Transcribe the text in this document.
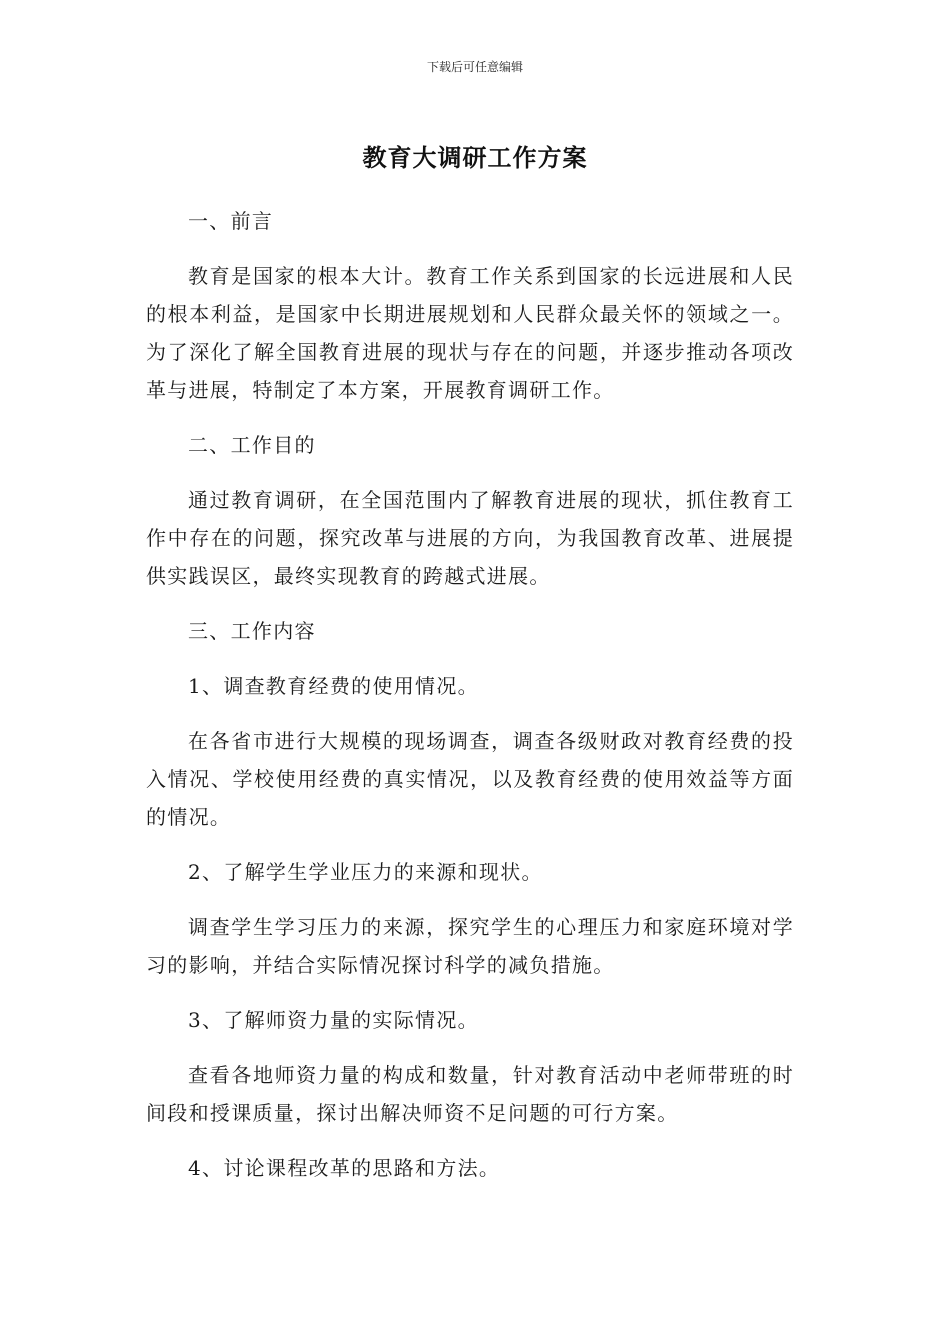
下载后可任意编辑
教育大调研工作方案

一、前言

教育是国家的根本大计。教育工作关系到国家的长远进展和人民的根本利益，是国家中长期进展规划和人民群众最关怀的领域之一。为了深化了解全国教育进展的现状与存在的问题，并逐步推动各项改革与进展，特制定了本方案，开展教育调研工作。

二、工作目的

通过教育调研，在全国范围内了解教育进展的现状，抓住教育工作中存在的问题，探究改革与进展的方向，为我国教育改革、进展提供实践误区，最终实现教育的跨越式进展。

三、工作内容

1、调查教育经费的使用情况。

在各省市进行大规模的现场调查，调查各级财政对教育经费的投入情况、学校使用经费的真实情况，以及教育经费的使用效益等方面的情况。

2、了解学生学业压力的来源和现状。

调查学生学习压力的来源，探究学生的心理压力和家庭环境对学习的影响，并结合实际情况探讨科学的减负措施。

3、了解师资力量的实际情况。

查看各地师资力量的构成和数量，针对教育活动中老师带班的时间段和授课质量，探讨出解决师资不足问题的可行方案。

4、讨论课程改革的思路和方法。
